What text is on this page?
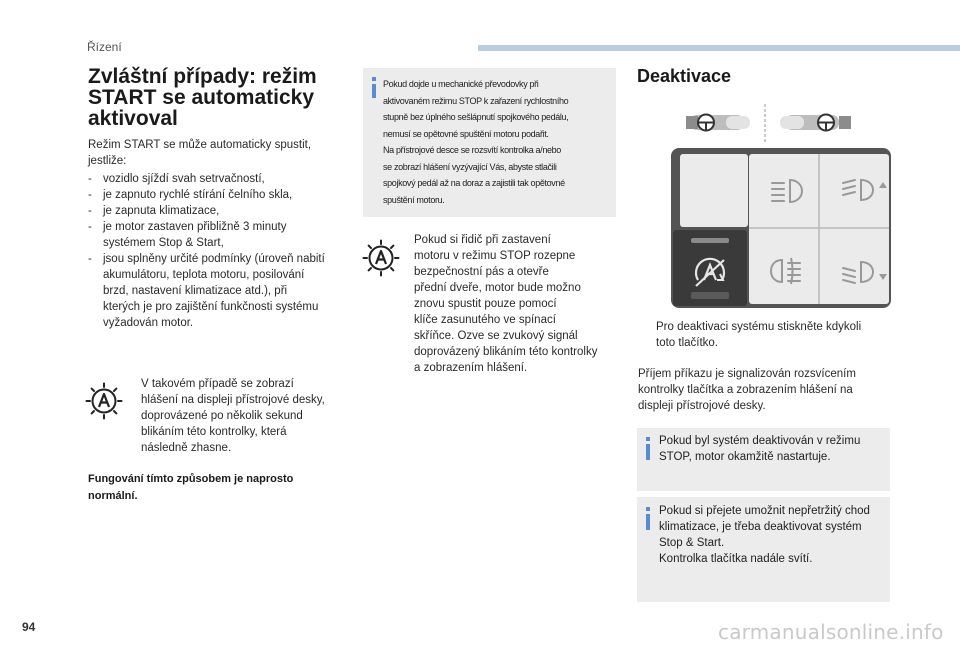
Řízení
Zvláštní případy: režim
START se automaticky
aktivoval
Režim START se může automaticky spustit,
jestliže:
- vozidlo sjíždí svah setrvačností,
- je zapnuto rychlé stírání čelního skla,
- je zapnuta klimatizace,
- je motor zastaven přibližně 3 minuty
systémem Stop & Start,
- jsou splněny určité podmínky (úroveň nabití
akumulátoru, teplota motoru, posilování
brzd, nastavení klimatizace atd.), při
kterých je pro zajištění funkčnosti systému
vyžadován motor.
V takovém případě se zobrazí
hlášení na displeji přístrojové desky,
doprovázené po několik sekund
blikáním této kontrolky, která
následně zhasne.
Fungování tímto způsobem je naprosto
normální.
Pokud dojde u mechanické převodovky při
aktivovaném režimu STOP k zařazení rychlostního
stupně bez úplného sešlápnutí spojkového pedálu,
nemusí se opětovné spuštění motoru podařit.
Na přístrojové desce se rozsvítí kontrolka a/nebo
se zobrazí hlášení vyzývající Vás, abyste stlačili
spojkový pedál až na doraz a zajistili tak opětovné
spuštění motoru.
Pokud si řidič při zastavení
motoru v režimu STOP rozepne
bezpečnostní pás a otevře
přední dveře, motor bude možno
znovu spustit pouze pomocí
klíče zasunutého ve spínací
skříňce. Ozve se zvukový signál
doprovázený blikáním této kontrolky
a zobrazením hlášení.
Deaktivace
Pro deaktivaci systému stiskněte kdykoli
toto tlačítko.
Příjem příkazu je signalizován rozsvícením
kontrolky tlačítka a zobrazením hlášení na
displeji přístrojové desky.
Pokud byl systém deaktivován v režimu
STOP, motor okamžitě nastartuje.
Pokud si přejete umožnit nepřetržitý chod
klimatizace, je třeba deaktivovat systém
Stop & Start.
Kontrolka tlačítka nadále svítí.
94	carmanualsonline.info
